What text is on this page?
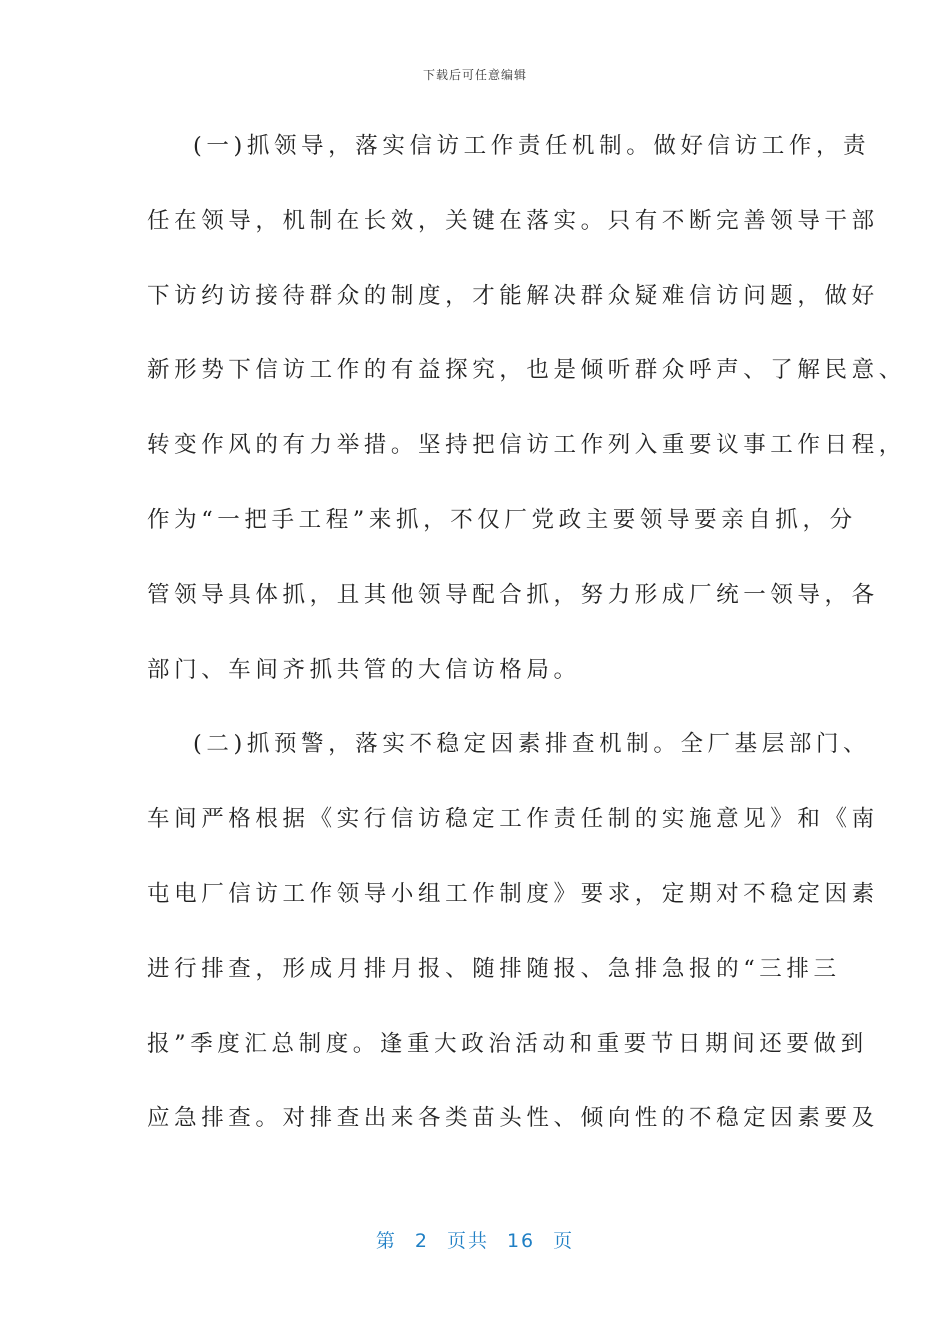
下载后可任意编辑
(一)抓领导，落实信访工作责任机制。做好信访工作，责
任在领导，机制在长效，关键在落实。只有不断完善领导干部
下访约访接待群众的制度，才能解决群众疑难信访问题，做好
新形势下信访工作的有益探究，也是倾听群众呼声、了解民意、
转变作风的有力举措。坚持把信访工作列入重要议事工作日程，
作为“一把手工程”来抓，不仅厂党政主要领导要亲自抓，分
管领导具体抓，且其他领导配合抓，努力形成厂统一领导，各
部门、车间齐抓共管的大信访格局。
(二)抓预警，落实不稳定因素排查机制。全厂基层部门、
车间严格根据《实行信访稳定工作责任制的实施意见》和《南
屯电厂信访工作领导小组工作制度》要求，定期对不稳定因素
进行排查，形成月排月报、随排随报、急排急报的“三排三
报”季度汇总制度。逢重大政治活动和重要节日期间还要做到
应急排查。对排查出来各类苗头性、倾向性的不稳定因素要及
第 2 页共 16 页
